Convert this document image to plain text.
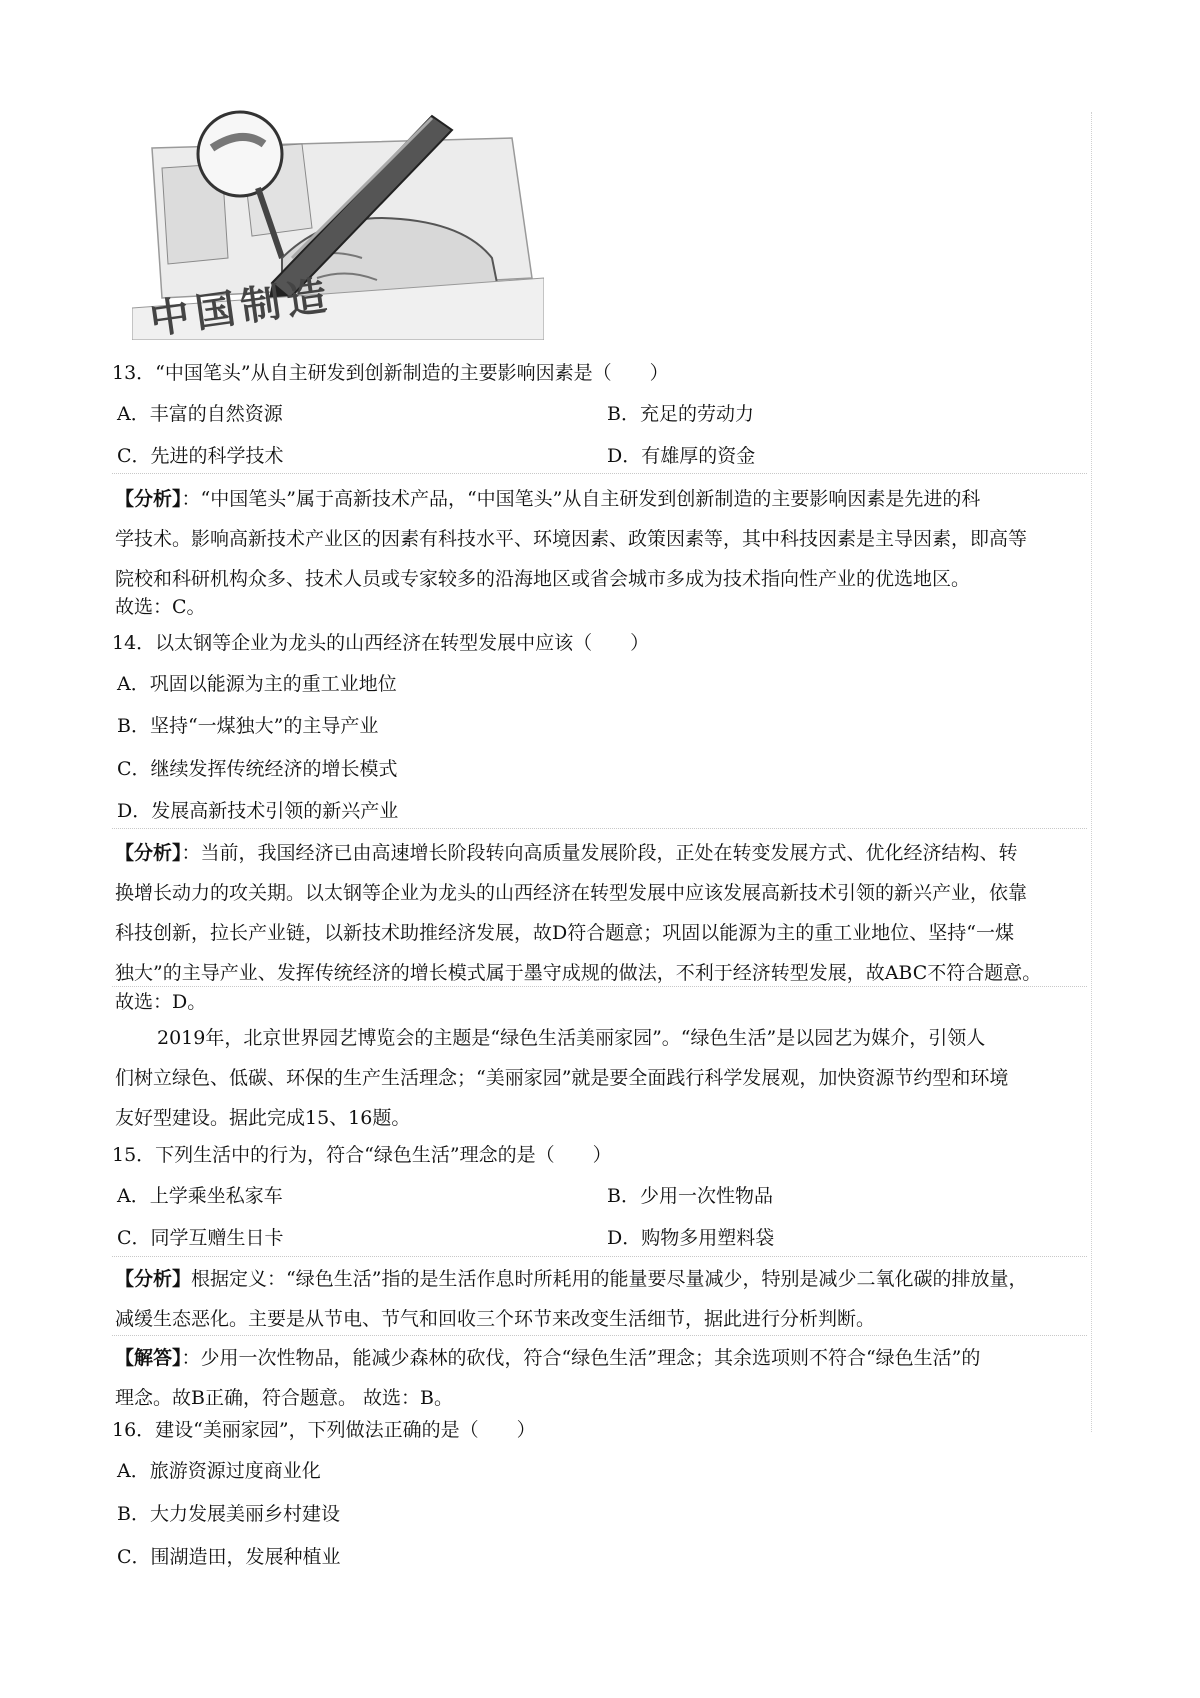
中国制造
13．“中国笔头”从自主研发到创新制造的主要影响因素是（　　）
A．丰富的自然资源	B．充足的劳动力
C．先进的科学技术	D．有雄厚的资金

【分析】：“中国笔头”属于高新技术产品，“中国笔头”从自主研发到创新制造的主要影响因素是先进的科

学技术。影响高新技术产业区的因素有科技水平、环境因素、政策因素等，其中科技因素是主导因素，即高等

院校和科研机构众多、技术人员或专家较多的沿海地区或省会城市多成为技术指向性产业的优选地区。

故选：C。
14．以太钢等企业为龙头的山西经济在转型发展中应该（　　）
A．巩固以能源为主的重工业地位
B．坚持“一煤独大”的主导产业
C．继续发挥传统经济的增长模式
D．发展高新技术引领的新兴产业

【分析】：当前，我国经济已由高速增长阶段转向高质量发展阶段，正处在转变发展方式、优化经济结构、转

换增长动力的攻关期。以太钢等企业为龙头的山西经济在转型发展中应该发展高新技术引领的新兴产业，依靠

科技创新，拉长产业链，以新技术助推经济发展，故D符合题意；巩固以能源为主的重工业地位、坚持“一煤

独大”的主导产业、发挥传统经济的增长模式属于墨守成规的做法，不利于经济转型发展，故ABC不符合题意。

故选：D。

2019年，北京世界园艺博览会的主题是“绿色生活美丽家园”。“绿色生活”是以园艺为媒介，引领人

们树立绿色、低碳、环保的生产生活理念；“美丽家园”就是要全面践行科学发展观，加快资源节约型和环境

友好型建设。据此完成15、16题。

15．下列生活中的行为，符合“绿色生活”理念的是（　　）
A．上学乘坐私家车	B．少用一次性物品
C．同学互赠生日卡	D．购物多用塑料袋

【分析】根据定义：“绿色生活”指的是生活作息时所耗用的能量要尽量减少，特别是减少二氧化碳的排放量，

减缓生态恶化。主要是从节电、节气和回收三个环节来改变生活细节，据此进行分析判断。

【解答】：少用一次性物品，能减少森林的砍伐，符合“绿色生活”理念；其余选项则不符合“绿色生活”的

理念。故B正确，符合题意。 故选：B。

16．建设“美丽家园”，下列做法正确的是（　　）
A．旅游资源过度商业化
B．大力发展美丽乡村建设
C．围湖造田，发展种植业
